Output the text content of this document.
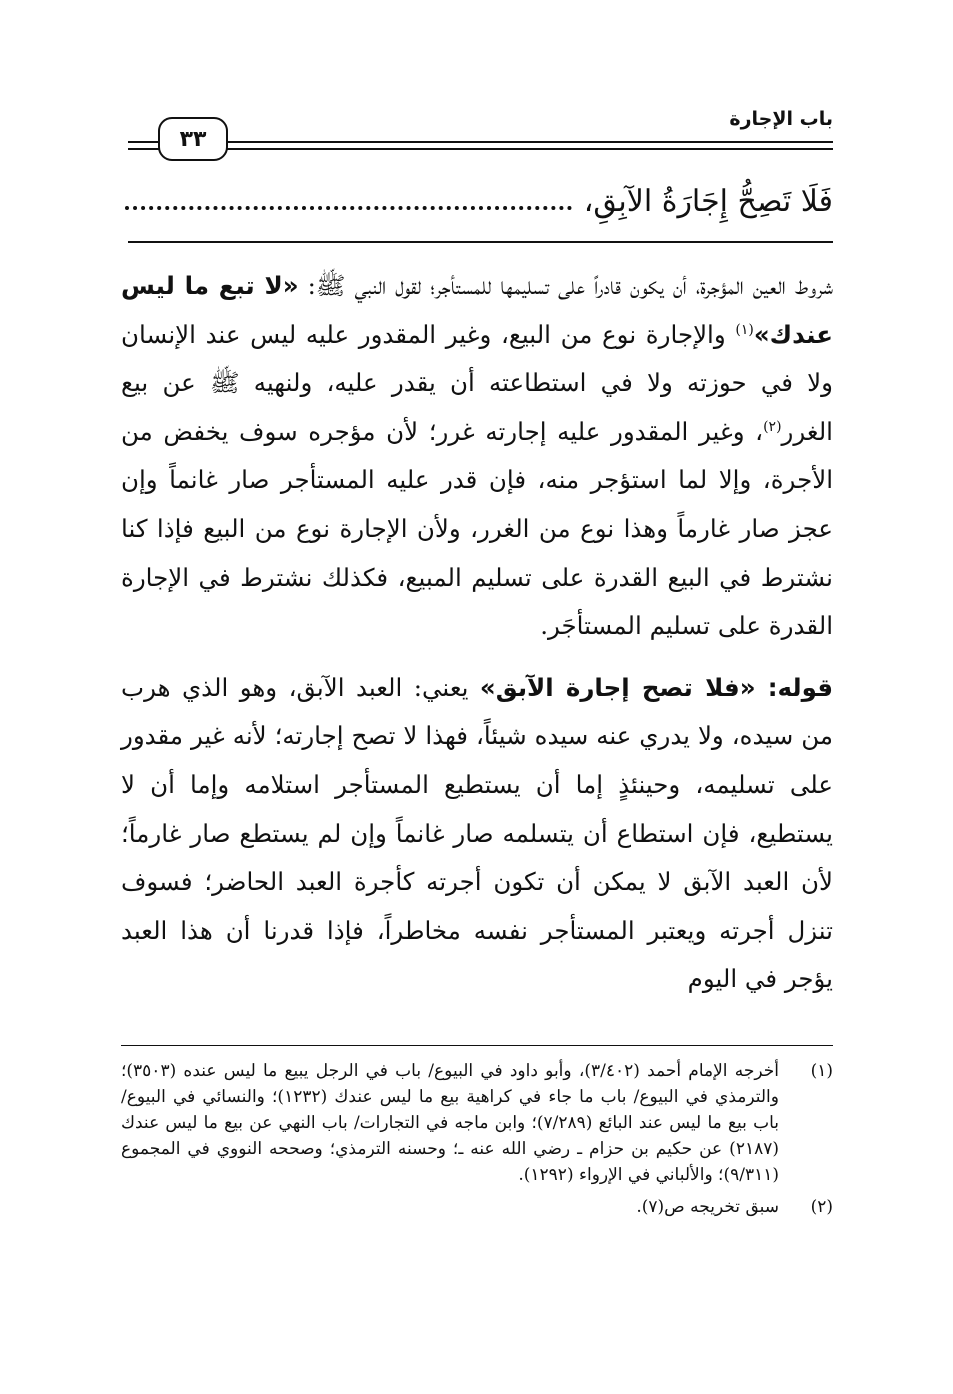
باب الإجارة
٣٣
فَلَا تَصِحُّ إِجَارَةُ الآبِقِ،

شروط العين المؤجرة، أن يكون قادراً على تسليمها للمستأجر؛ لقول النبي ﷺ: «لا تبع ما ليس عندك»$^{(١)}$ والإجارة نوع من البيع، وغير المقدور عليه ليس عند الإنسان ولا في حوزته ولا في استطاعته أن يقدر عليه، ولنهيه ﷺ عن بيع الغرر$^{(٢)}$، وغير المقدور عليه إجارته غرر؛ لأن مؤجره سوف يخفض من الأجرة، وإلا لما استؤجر منه، فإن قدر عليه المستأجر صار غانماً وإن عجز صار غارماً وهذا نوع من الغرر، ولأن الإجارة نوع من البيع فإذا كنا نشترط في البيع القدرة على تسليم المبيع، فكذلك نشترط في الإجارة القدرة على تسليم المستأجَر.

قوله: «فلا تصح إجارة الآبق» يعني: العبد الآبق، وهو الذي هرب من سيده، ولا يدري عنه سيده شيئاً، فهذا لا تصح إجارته؛ لأنه غير مقدور على تسليمه، وحينئذٍ إما أن يستطيع المستأجر استلامه وإما أن لا يستطيع، فإن استطاع أن يتسلمه صار غانماً وإن لم يستطع صار غارماً؛ لأن العبد الآبق لا يمكن أن تكون أجرته كأجرة العبد الحاضر؛ فسوف تنزل أجرته ويعتبر المستأجر نفسه مخاطراً، فإذا قدرنا أن هذا العبد يؤجر في اليوم

(١)
أخرجه الإمام أحمد (٣/٤٠٢)، وأبو داود في البيوع/ باب في الرجل يبيع ما ليس عنده (٣٥٠٣)؛ والترمذي في البيوع/ باب ما جاء في كراهية بيع ما ليس عندك (١٢٣٢)؛ والنسائي في البيوع/ باب بيع ما ليس عند البائع (٧/٢٨٩)؛ وابن ماجه في التجارات/ باب النهي عن بيع ما ليس عندك (٢١٨٧) عن حكيم بن حزام ـ رضي الله عنه ـ؛ وحسنه الترمذي؛ وصححه النووي في المجموع (٩/٣١١)؛ والألباني في الإرواء (١٢٩٢).
(٢)
سبق تخريجه ص(٧).
